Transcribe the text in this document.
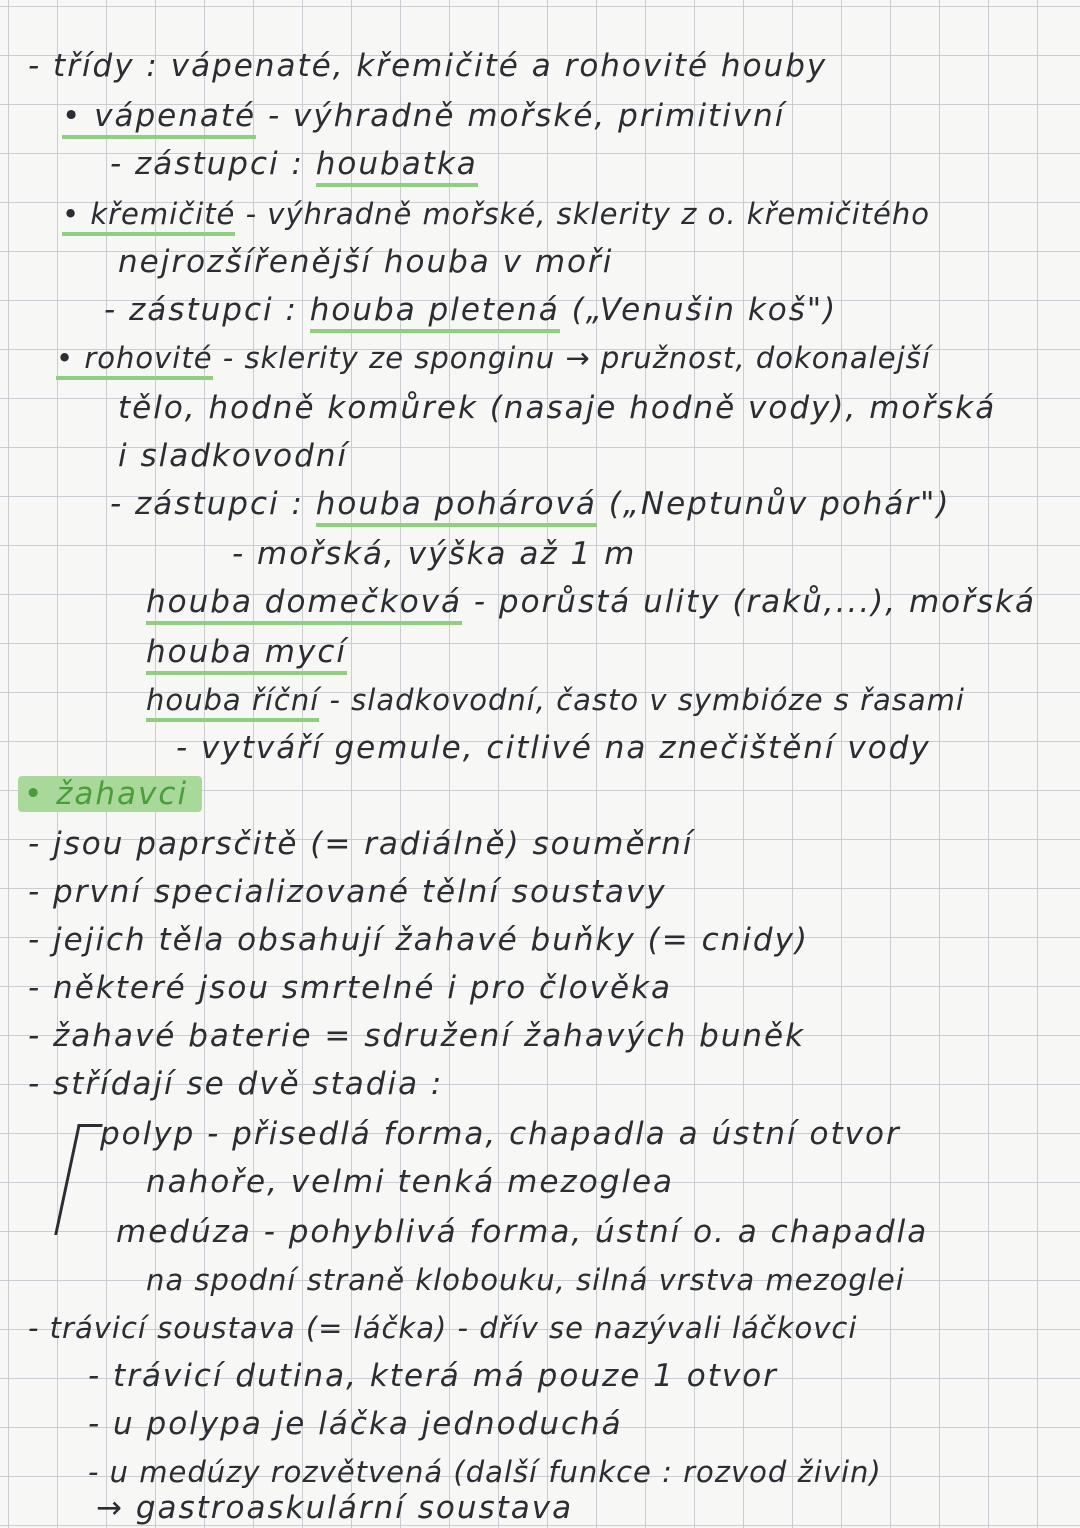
- třídy : vápenaté, křemičité a rohovité houby
• vápenaté - výhradně mořské, primitivní
- zástupci : houbatka
• křemičité - výhradně mořské, sklerity z o. křemičitého
nejrozšířenější houba v moři
- zástupci : houba pletená („Venušin koš")
• rohovité - sklerity ze sponginu → pružnost, dokonalejší
tělo, hodně komůrek (nasaje hodně vody), mořská
i sladkovodní
- zástupci : houba pohárová („Neptunův pohár")
- mořská, výška až 1 m
houba domečková - porůstá ulity (raků,...), mořská
houba mycí
houba říční - sladkovodní, často v symbióze s řasami
- vytváří gemule, citlivé na znečištění vody
• žahavci
- jsou paprsčitě (= radiálně) souměrní
- první specializované tělní soustavy
- jejich těla obsahují žahavé buňky (= cnidy)
- některé jsou smrtelné i pro člověka
- žahavé baterie = sdružení žahavých buněk
- střídají se dvě stadia :
polyp - přisedlá forma, chapadla a ústní otvor
nahoře, velmi tenká mezoglea
medúza - pohyblivá forma, ústní o. a chapadla
na spodní straně klobouku, silná vrstva mezoglei
- trávicí soustava (= láčka) - dřív se nazývali láčkovci
- trávicí dutina, která má pouze 1 otvor
- u polypa je láčka jednoduchá
- u medúzy rozvětvená (další funkce : rozvod živin)
→ gastroaskulární soustava
